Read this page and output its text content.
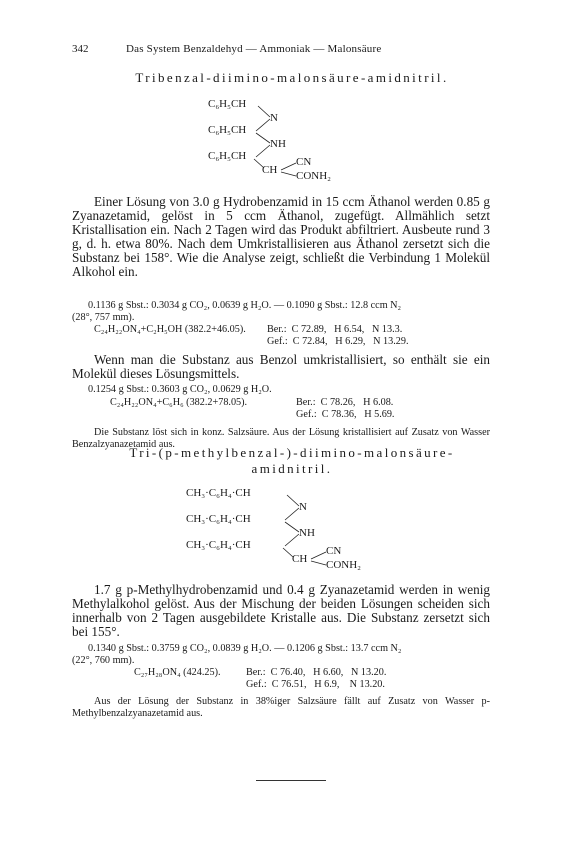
342	Das System Benzaldehyd — Ammoniak — Malonsäure
Tribenzal-diimino-malonsäure-amidnitril.
C₆H₅CH
N
C₆H₅CH
NH
C₆H₅CH
CH
CN
CONH₂

Einer Lösung von 3.0 g Hydrobenzamid in 15 ccm Äthanol werden 0.85 g Zyanazetamid, gelöst in 5 ccm Äthanol, zugefügt. Allmählich setzt Kristallisation ein. Nach 2 Tagen wird das Produkt abfiltriert. Ausbeute rund 3 g, d. h. etwa 80%. Nach dem Umkristallisieren aus Äthanol zersetzt sich die Substanz bei 158°. Wie die Analyse zeigt, schließt die Verbindung 1 Molekül Alkohol ein.

0.1136 g Sbst.: 0.3034 g CO₂, 0.0639 g H₂O. — 0.1090 g Sbst.: 12.8 ccm N₂
(28°, 757 mm).
C₂₄H₂₂ON₄+C₂H₅OH (382.2+46.05). Ber.:  C 72.89,   H 6.54,   N 13.3.
Gef.:  C 72.84,   H 6.29,   N 13.29.

Wenn man die Substanz aus Benzol umkristallisiert, so enthält sie ein Molekül dieses Lösungsmittels.

0.1254 g Sbst.: 0.3603 g CO₂, 0.0629 g H₂O.
C₂₄H₂₂ON₄+C₆H₆ (382.2+78.05).	Ber.:  C 78.26,   H 6.08.
Gef.:  C 78.36,   H 5.69.

Die Substanz löst sich in konz. Salzsäure. Aus der Lösung kristallisiert auf Zusatz von Wasser Benzalzyanazetamid aus.

Tri-(p-methylbenzal-)-diimino-malonsäure-
amidnitril.
CH₃·C₆H₄·CH
N
CH₃·C₆H₄·CH
NH
CH₃·C₆H₄·CH
CH
CN
CONH₂

1.7 g p-Methylhydrobenzamid und 0.4 g Zyanazetamid werden in wenig Methylalkohol gelöst. Aus der Mischung der beiden Lösungen scheiden sich innerhalb von 2 Tagen ausgebildete Kristalle aus. Die Substanz zersetzt sich bei 155°.

0.1340 g Sbst.: 0.3759 g CO₂, 0.0839 g H₂O. — 0.1206 g Sbst.: 13.7 ccm N₂
(22°, 760 mm).
C₂₇H₂₈ON₄ (424.25). Ber.:  C 76.40,   H 6.60,   N 13.20.
Gef.:  C 76.51,   H 6.9,    N 13.20.

Aus der Lösung der Substanz in 38%iger Salzsäure fällt auf Zusatz von Wasser p-Methylbenzalzyanazetamid aus.
